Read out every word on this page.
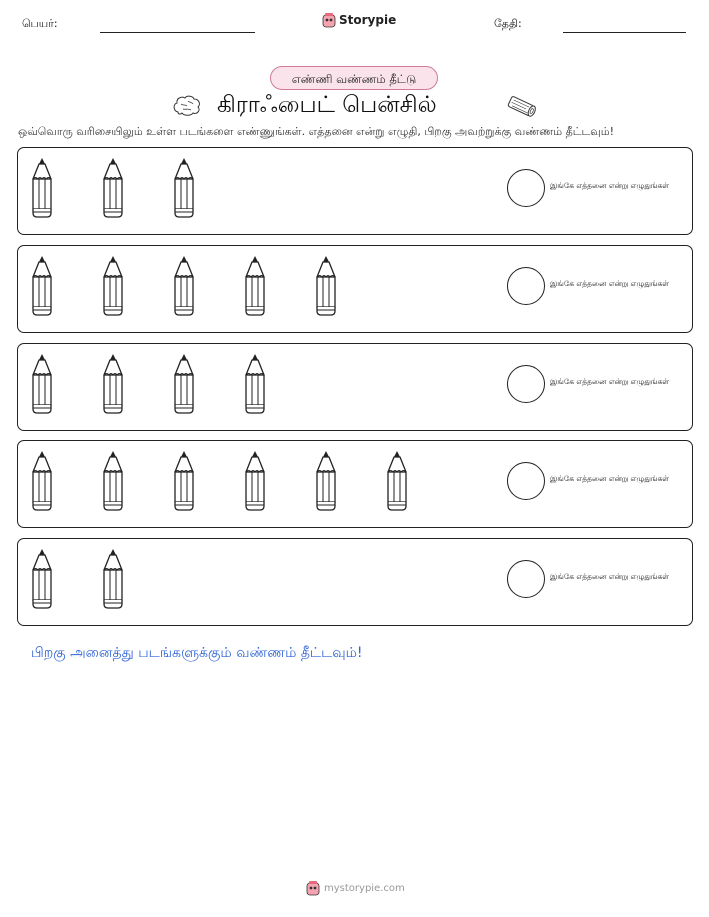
பெயர்:	Storypie	தேதி:
எண்ணி வண்ணம் தீட்டு
கிராஃபைட் பென்சில்
ஒவ்வொரு வரிசையிலும் உள்ள படங்களை எண்ணுங்கள். எத்தனை என்று எழுதி, பிறகு அவற்றுக்கு வண்ணம் தீட்டவும்!
இங்கே எத்தனை என்று எழுதுங்கள்
இங்கே எத்தனை என்று எழுதுங்கள்
இங்கே எத்தனை என்று எழுதுங்கள்
இங்கே எத்தனை என்று எழுதுங்கள்
இங்கே எத்தனை என்று எழுதுங்கள்
பிறகு அனைத்து படங்களுக்கும் வண்ணம் தீட்டவும்!
mystorypie.com
